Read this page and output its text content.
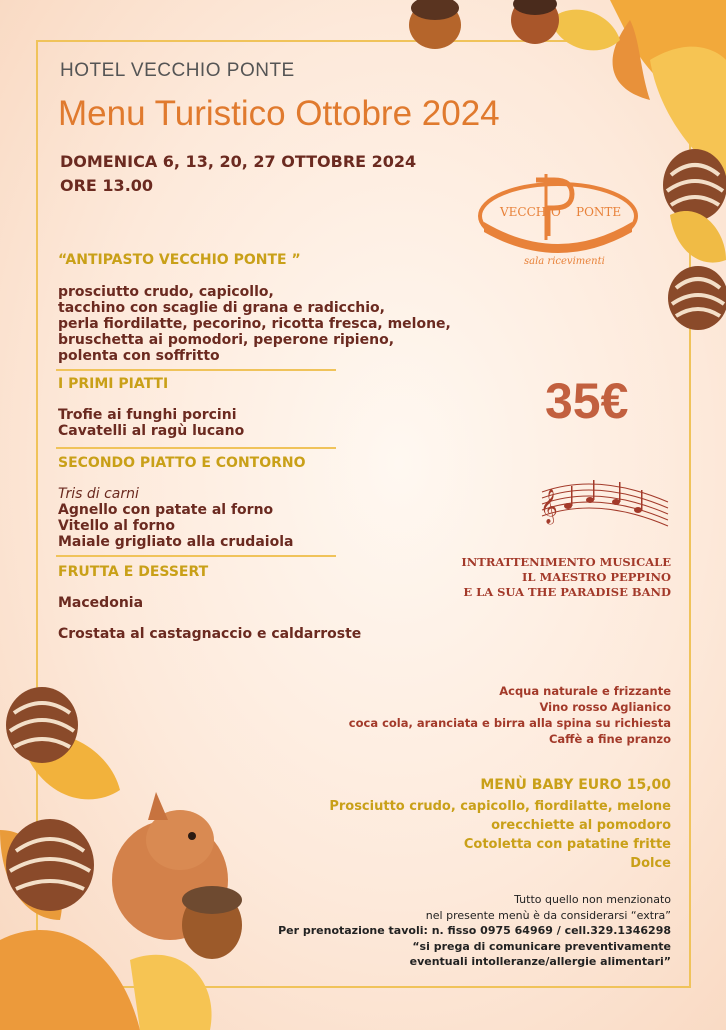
HOTEL VECCHIO PONTE
Menu Turistico Ottobre 2024
DOMENICA 6, 13, 20, 27 OTTOBRE 2024
ORE 13.00
VECCHIO PONTE
sala ricevimenti
“ANTIPASTO VECCHIO PONTE ”
prosciutto crudo, capicollo,
tacchino con scaglie di grana e radicchio,
perla fiordilatte, pecorino, ricotta fresca, melone,
bruschetta ai pomodori, peperone ripieno,
polenta con soffritto
I PRIMI PIATTI
Trofie ai funghi porcini
Cavatelli al ragù lucano
SECONDO PIATTO E CONTORNO
Tris di carni
Agnello con patate al forno
Vitello al forno
Maiale grigliato alla crudaiola
FRUTTA E DESSERT
Macedonia
Crostata al castagnaccio e caldarroste
35€
𝄞
INTRATTENIMENTO MUSICALE
IL MAESTRO PEPPINO
E LA SUA THE PARADISE BAND
Acqua naturale e frizzante
Vino rosso Aglianico
coca cola, aranciata e birra alla spina su richiesta
Caffè a fine pranzo
MENÙ BABY EURO 15,00
Prosciutto crudo, capicollo, fiordilatte, melone
orecchiette al pomodoro
Cotoletta con patatine fritte
Dolce
Tutto quello non menzionato
nel presente menù è da considerarsi “extra”
Per prenotazione tavoli: n. fisso 0975 64969 / cell.329.1346298
“si prega di comunicare preventivamente
eventuali intolleranze/allergie alimentari”
